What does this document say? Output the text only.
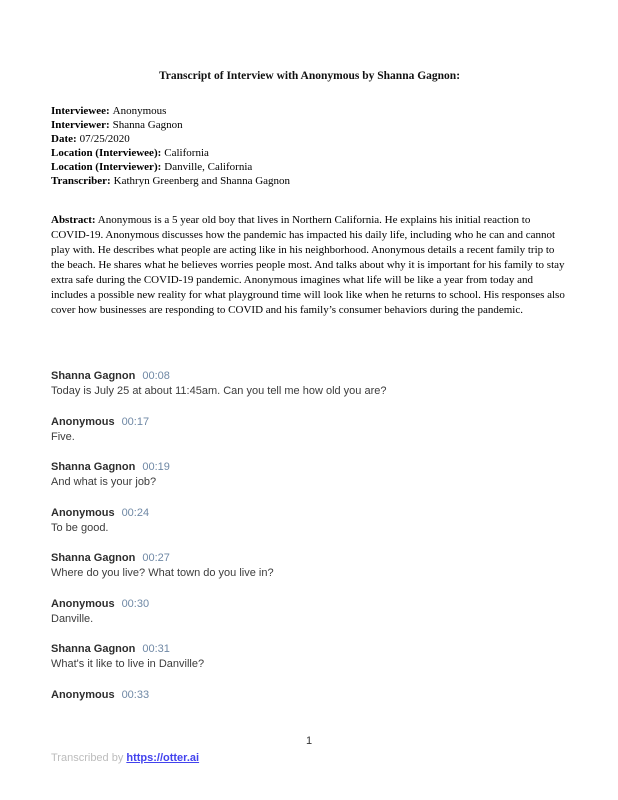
Transcript of Interview with Anonymous by Shanna Gagnon:
Interviewee: Anonymous
Interviewer: Shanna Gagnon
Date: 07/25/2020
Location (Interviewee): California
Location (Interviewer): Danville, California
Transcriber: Kathryn Greenberg and Shanna Gagnon

Abstract: Anonymous is a 5 year old boy that lives in Northern California. He explains his initial reaction to COVID-19. Anonymous discusses how the pandemic has impacted his daily life, including who he can and cannot play with. He describes what people are acting like in his neighborhood. Anonymous details a recent family trip to the beach. He shares what he believes worries people most. And talks about why it is important for his family to stay extra safe during the COVID-19 pandemic. Anonymous imagines what life will be like a year from today and includes a possible new reality for what playground time will look like when he returns to school. His responses also cover how businesses are responding to COVID and his family’s consumer behaviors during the pandemic.

Shanna Gagnon 00:08
Today is July 25 at about 11:45am. Can you tell me how old you are?
Anonymous 00:17
Five.
Shanna Gagnon 00:19
And what is your job?
Anonymous 00:24
To be good.
Shanna Gagnon 00:27
Where do you live? What town do you live in?
Anonymous 00:30
Danville.
Shanna Gagnon 00:31
What's it like to live in Danville?
Anonymous 00:33
1
Transcribed by https://otter.ai
